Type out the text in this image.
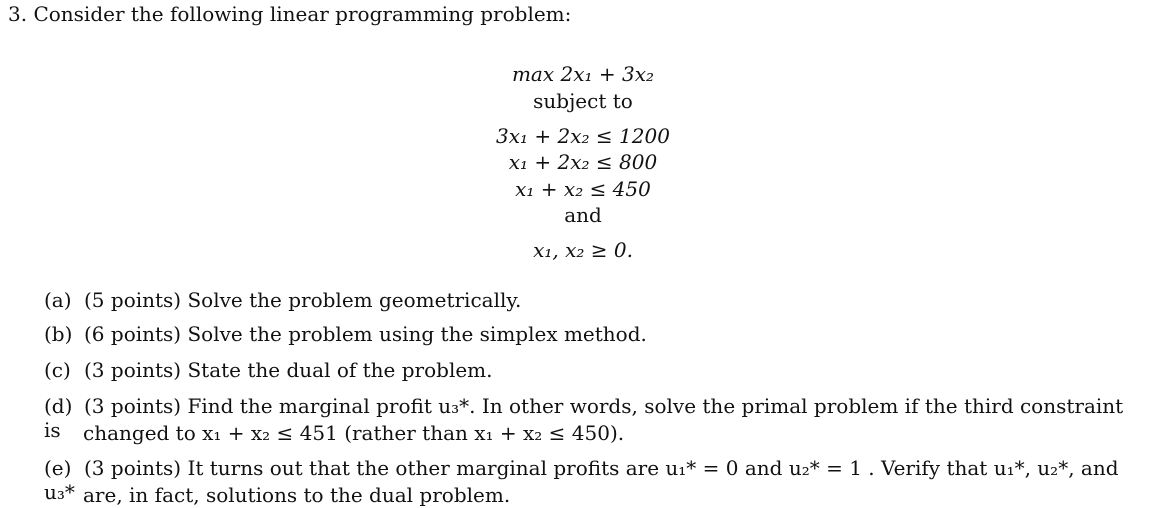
3. Consider the following linear programming problem:
max 2x₁ + 3x₂
subject to
3x₁ + 2x₂ ≤ 1200
x₁ + 2x₂ ≤ 800
x₁ + x₂ ≤ 450
and
x₁, x₂ ≥ 0.
(a) (5 points) Solve the problem geometrically.
(b) (6 points) Solve the problem using the simplex method.
(c) (3 points) State the dual of the problem.
(d) (3 points) Find the marginal profit u₃*. In other words, solve the primal problem if the third constraint is changed to x₁ + x₂ ≤ 451 (rather than x₁ + x₂ ≤ 450).
(e) (3 points) It turns out that the other marginal profits are u₁* = 0 and u₂* = 1 . Verify that u₁*, u₂*, and u₃* are, in fact, solutions to the dual problem.
